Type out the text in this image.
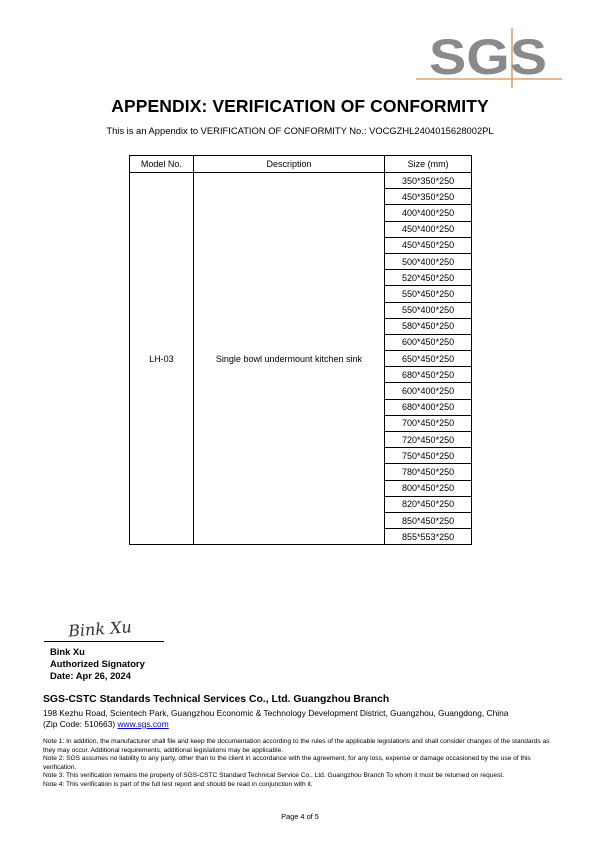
SGS
APPENDIX: VERIFICATION OF CONFORMITY
This is an Appendix to VERIFICATION OF CONFORMITY No.: VOCGZHL2404015628002PL
Model No.	Description	Size (mm)
LH-03	Single bowl undermount kitchen sink	350*350*250
		450*350*250
		400*400*250
		450*400*250
		450*450*250
		500*400*250
		520*450*250
		550*450*250
		550*400*250
		580*450*250
		600*450*250
		650*450*250
		680*450*250
		600*400*250
		680*400*250
		700*450*250
		720*450*250
		750*450*250
		780*450*250
		800*450*250
		820*450*250
		850*450*250
		855*553*250
Bink Xu
Bink Xu
Authorized Signatory
Date: Apr 26, 2024
SGS-CSTC Standards Technical Services Co., Ltd. Guangzhou Branch
198 Kezhu Road, Scientech Park, Guangzhou Economic & Technology Development District, Guangzhou, Guangdong, China
(Zip Code: 510663) www.sgs.com
Note 1: In addition, the manufacturer shall file and keep the documentation according to the rules of the applicable legislations and shall consider changes of the standards as they may occur. Additional requirements, additional legislations may be applicable.
Note 2: SGS assumes no liability to any party, other than to the client in accordance with the agreement, for any loss, expense or damage occasioned by the use of this verification.
Note 3: This verification remains the property of SGS-CSTC Standard Technical Service Co., Ltd. Guangzhou Branch To whom it must be returned on request.
Note 4: This verification is part of the full test report and should be read in conjunction with it.
Page 4 of 5
